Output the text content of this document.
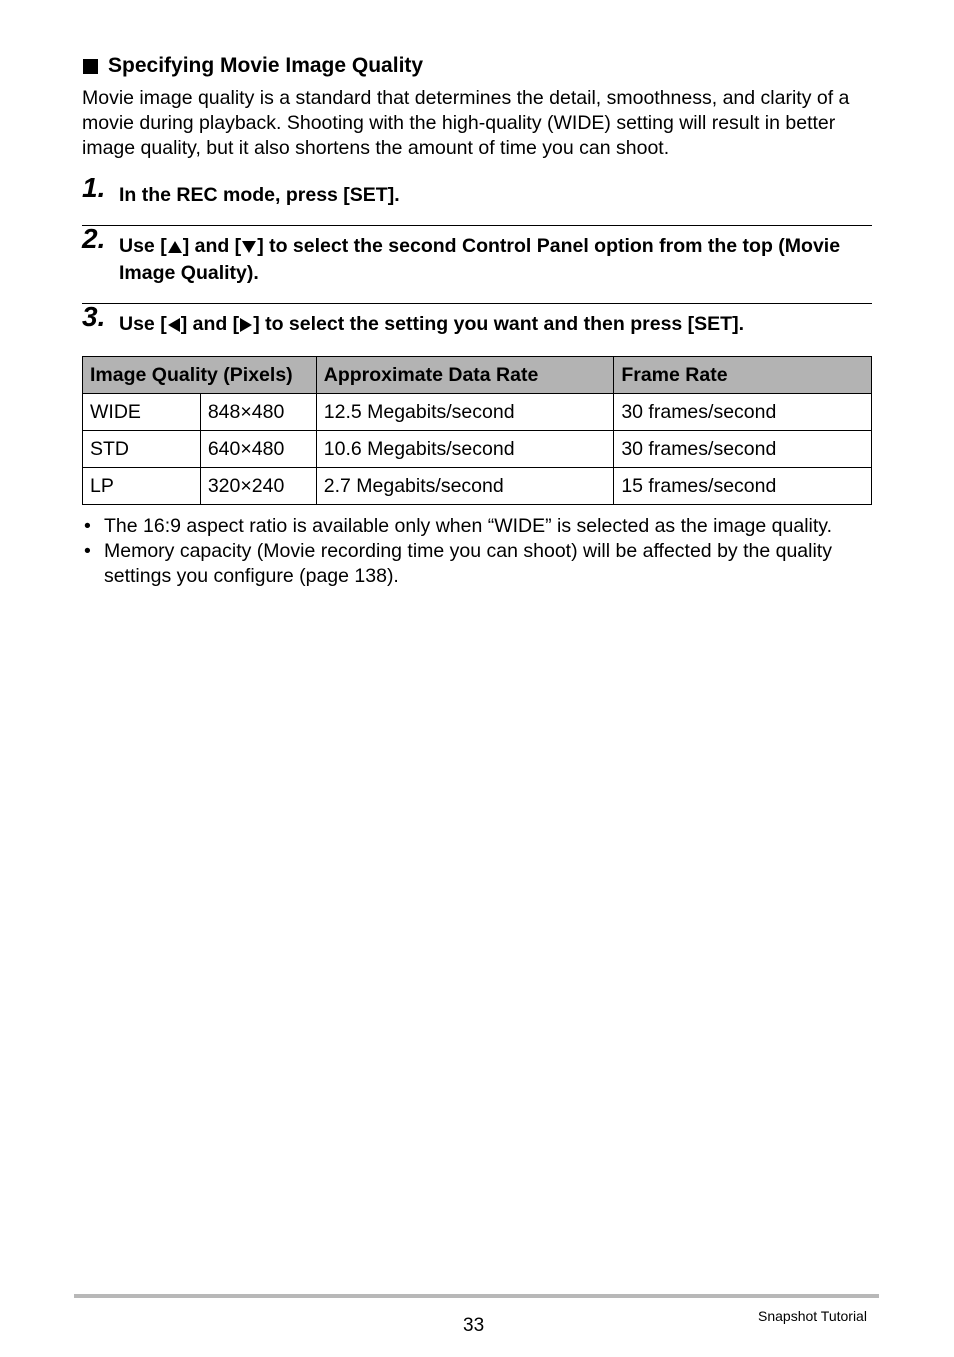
Specifying Movie Image Quality
Movie image quality is a standard that determines the detail, smoothness, and clarity of a movie during playback. Shooting with the high-quality (WIDE) setting will result in better image quality, but it also shortens the amount of time you can shoot.
1. In the REC mode, press [SET].
2. Use [ ] and [ ] to select the second Control Panel option from the top (Movie Image Quality).
3. Use [ ] and [ ] to select the setting you want and then press [SET].
Image Quality (Pixels)		Approximate Data Rate	Frame Rate
WIDE	848×480	12.5 Megabits/second	30 frames/second
STD	640×480	10.6 Megabits/second	30 frames/second
LP	320×240	2.7 Megabits/second	15 frames/second
• The 16:9 aspect ratio is available only when “WIDE” is selected as the image quality.
• Memory capacity (Movie recording time you can shoot) will be affected by the quality settings you configure (page 138).
33	Snapshot Tutorial
